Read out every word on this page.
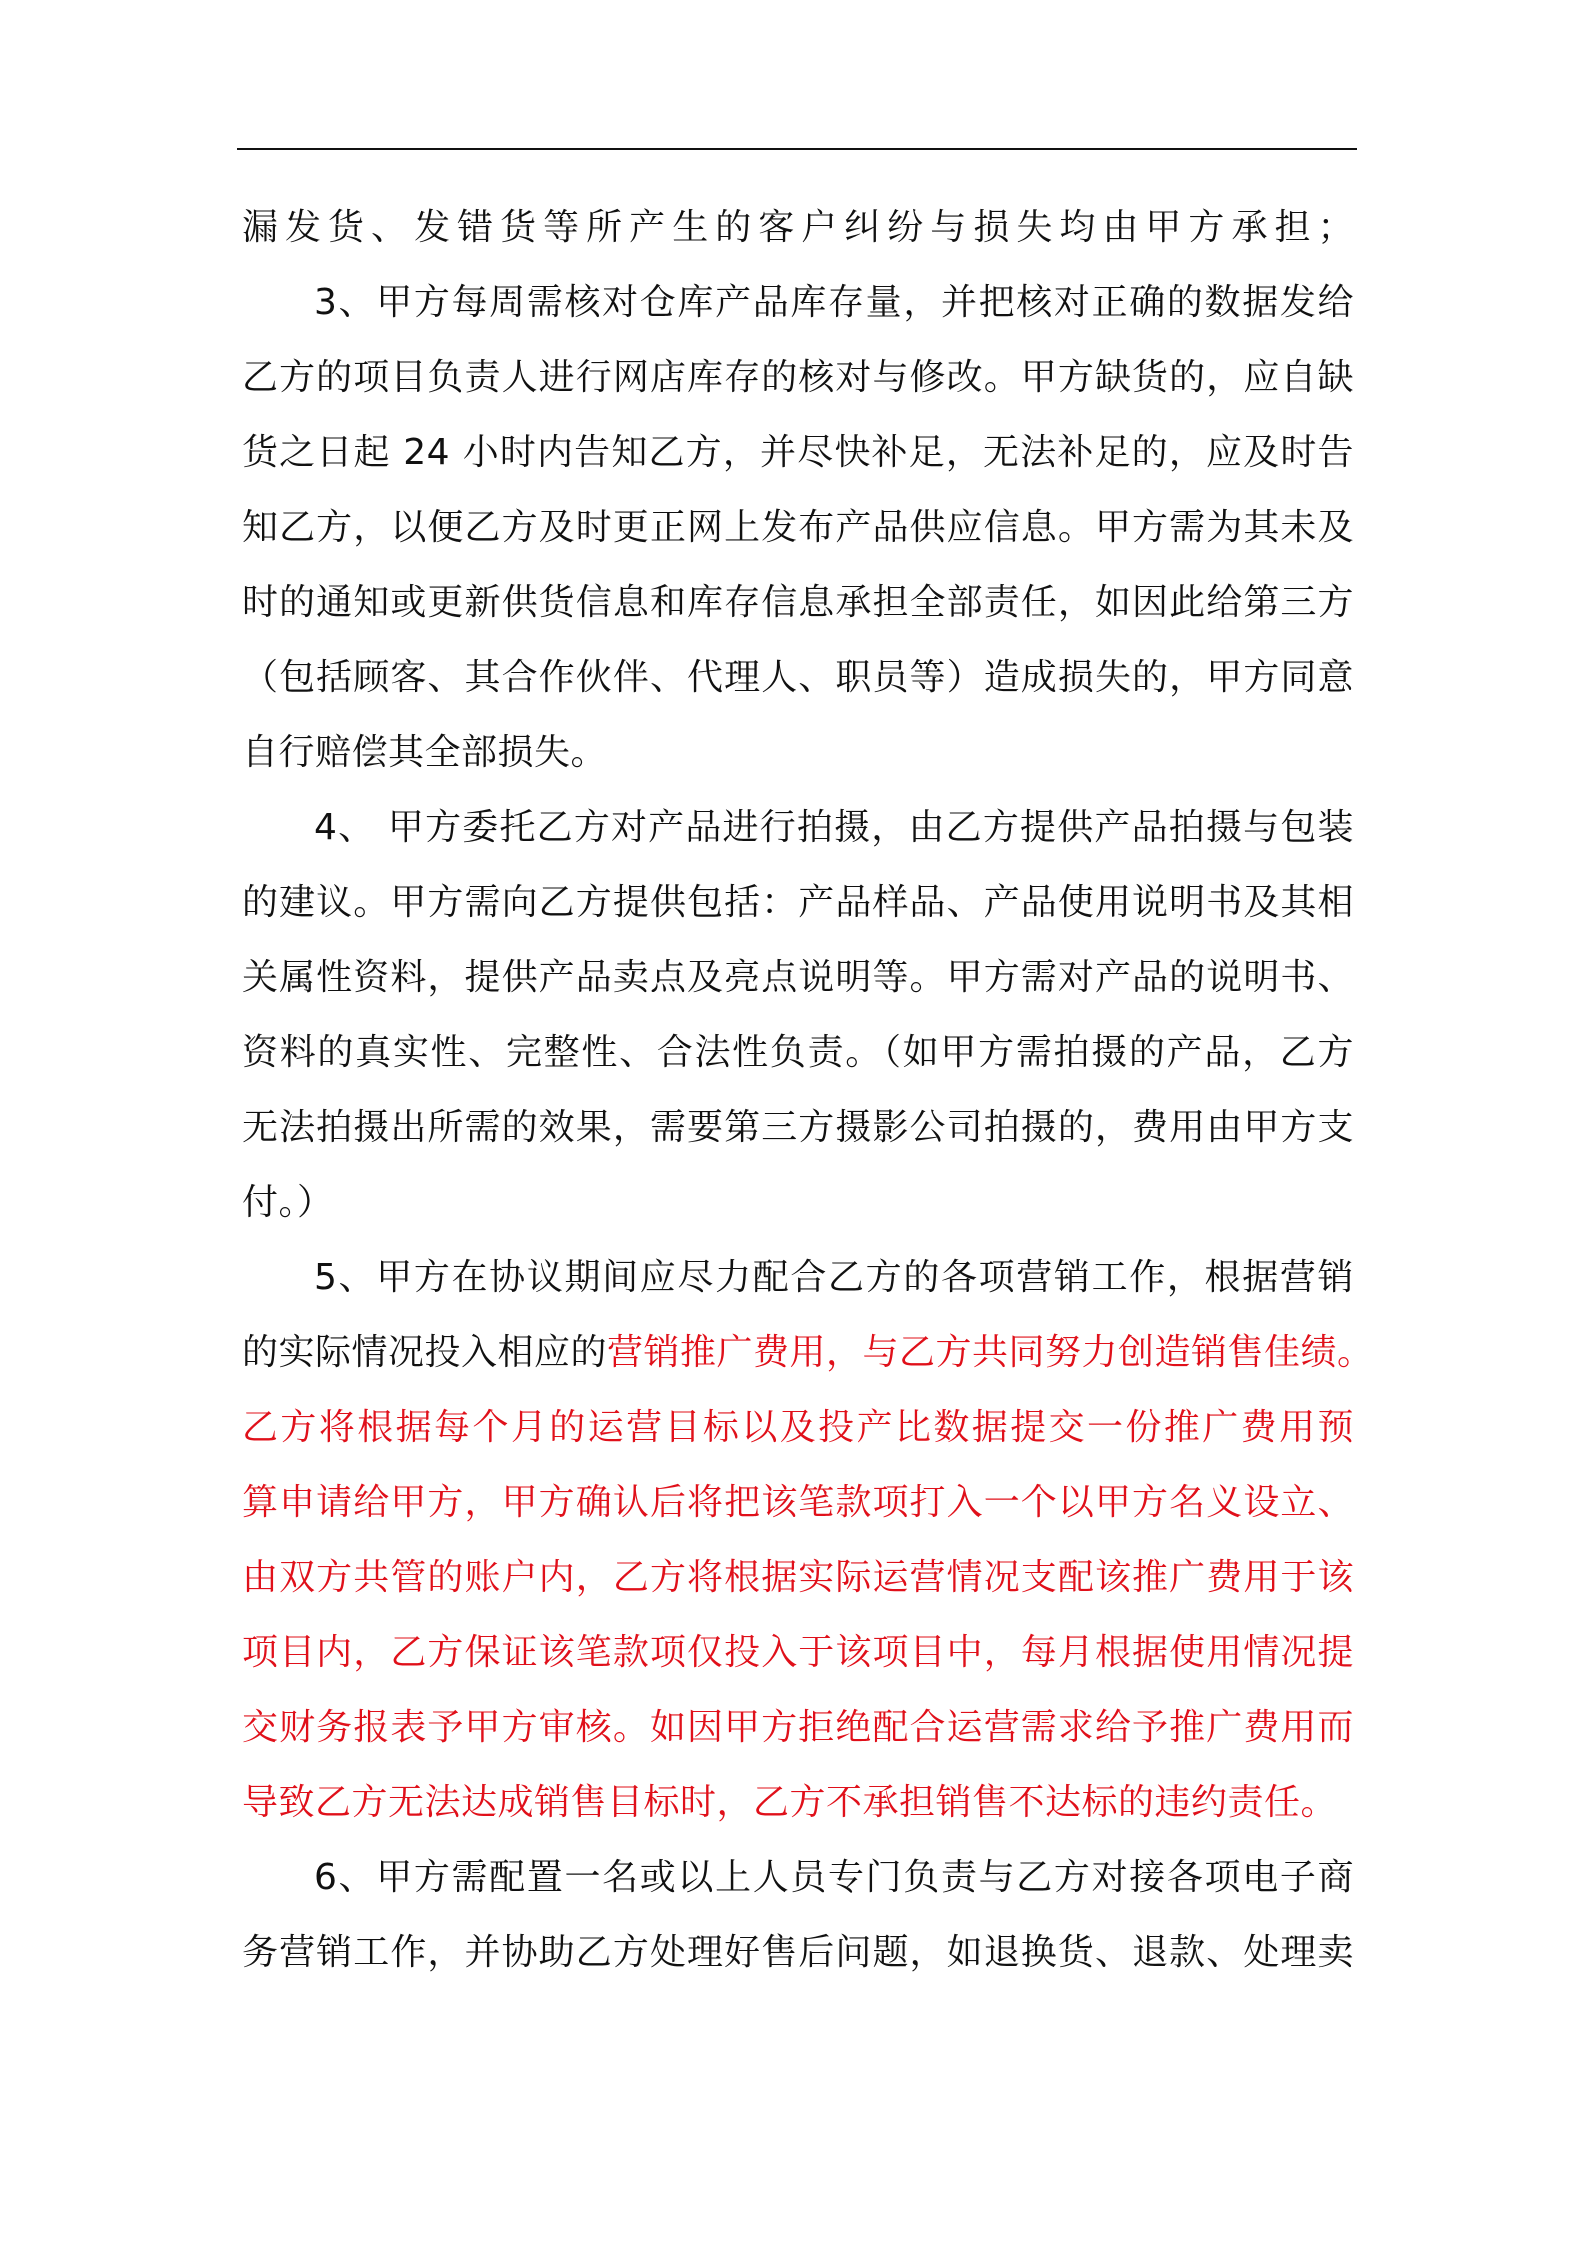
漏发货、发错货等所产生的客户纠纷与损失均由甲方承担；
3、甲方每周需核对仓库产品库存量，并把核对正确的数据发给
乙方的项目负责人进行网店库存的核对与修改。甲方缺货的，应自缺
货之日起 24 小时内告知乙方，并尽快补足，无法补足的，应及时告
知乙方，以便乙方及时更正网上发布产品供应信息。甲方需为其未及
时的通知或更新供货信息和库存信息承担全部责任，如因此给第三方
（包括顾客、其合作伙伴、代理人、职员等）造成损失的，甲方同意
自行赔偿其全部损失。
4、 甲方委托乙方对产品进行拍摄，由乙方提供产品拍摄与包装
的建议。甲方需向乙方提供包括：产品样品、产品使用说明书及其相
关属性资料，提供产品卖点及亮点说明等。甲方需对产品的说明书、
资料的真实性、完整性、合法性负责。（如甲方需拍摄的产品，乙方
无法拍摄出所需的效果，需要第三方摄影公司拍摄的，费用由甲方支
付。）
5、甲方在协议期间应尽力配合乙方的各项营销工作，根据营销
的实际情况投入相应的营销推广费用，与乙方共同努力创造销售佳绩。
乙方将根据每个月的运营目标以及投产比数据提交一份推广费用预
算申请给甲方，甲方确认后将把该笔款项打入一个以甲方名义设立、
由双方共管的账户内，乙方将根据实际运营情况支配该推广费用于该
项目内，乙方保证该笔款项仅投入于该项目中，每月根据使用情况提
交财务报表予甲方审核。如因甲方拒绝配合运营需求给予推广费用而
导致乙方无法达成销售目标时，乙方不承担销售不达标的违约责任。
6、甲方需配置一名或以上人员专门负责与乙方对接各项电子商
务营销工作，并协助乙方处理好售后问题，如退换货、退款、处理卖
